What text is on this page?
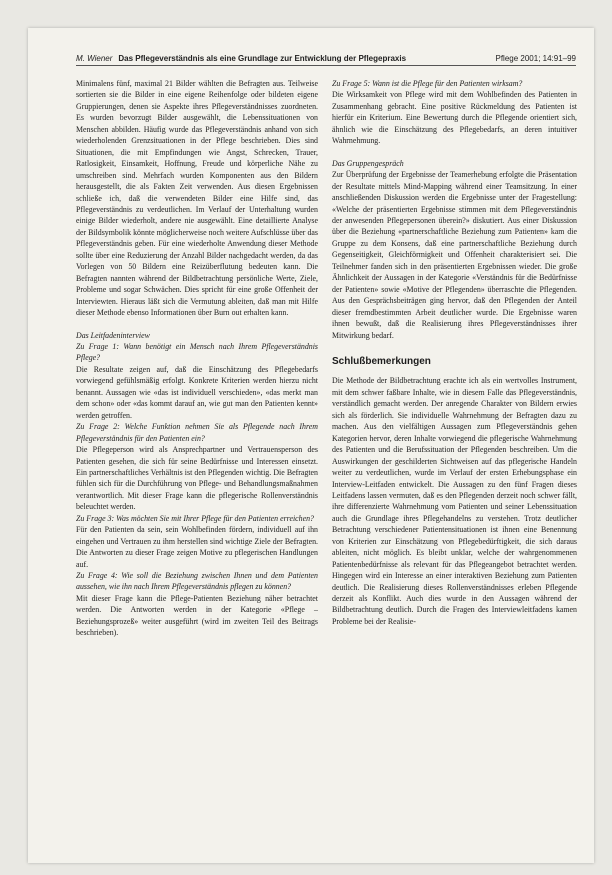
M. Wiener Das Pflegeverständnis als eine Grundlage zur Entwicklung der Pflegepraxis	Pflege 2001; 14:91–99

Minimalens fünf, maximal 21 Bilder wählten die Befragten aus. Teilweise sortierten sie die Bilder in eine eigene Reihenfolge oder bildeten eigene Gruppierungen, denen sie Aspekte ihres Pflegeverständnisses zuordneten. Es wurden bevorzugt Bilder ausgewählt, die Lebenssituationen von Menschen abbilden. Häufig wurde das Pflegeverständnis anhand von sich wiederholenden Grenzsituationen in der Pflege beschrieben. Dies sind Situationen, die mit Empfindungen wie Angst, Schrecken, Trauer, Ratlosigkeit, Einsamkeit, Hoffnung, Freude und körperliche Nähe zu umschreiben sind. Mehrfach wurden Komponenten aus den Bildern herausgestellt, die als Fakten Zeit verwenden. Aus diesen Ergebnissen schließe ich, daß die verwendeten Bilder eine Hilfe sind, das Pflegeverständnis zu verdeutlichen. Im Verlauf der Unterhaltung wurden einige Bilder wiederholt, andere nie ausgewählt. Eine detaillierte Analyse der Bildsymbolik könnte möglicherweise noch weitere Aufschlüsse über das Pflegeverständnis geben. Für eine wiederholte Anwendung dieser Methode sollte über eine Reduzierung der Anzahl Bilder nachgedacht werden, da das Vorlegen von 50 Bildern eine Reizüberflutung bedeuten kann. Die Befragten nannten während der Bildbetrachtung persönliche Werte, Ziele, Probleme und sogar Schwächen. Dies spricht für eine große Offenheit der Interviewten. Hieraus läßt sich die Vermutung ableiten, daß man mit Hilfe dieser Methode ebenso Informationen über Burn out erhalten kann.

Das Leitfadeninterview

Zu Frage 1: Wann benötigt ein Mensch nach Ihrem Pflegeverständnis Pflege?

Die Resultate zeigen auf, daß die Einschätzung des Pflegebedarfs vorwiegend gefühlsmäßig erfolgt. Konkrete Kriterien werden hierzu nicht benannt. Aussagen wie «das ist individuell verschieden», «das merkt man dem schon» oder «das kommt darauf an, wie gut man den Patienten kennt» werden getroffen.

Zu Frage 2: Welche Funktion nehmen Sie als Pflegende nach Ihrem Pflegeverständnis für den Patienten ein?

Die Pflegeperson wird als Ansprechpartner und Vertrauensperson des Patienten gesehen, die sich für seine Bedürfnisse und Interessen einsetzt. Ein partnerschaftliches Verhältnis ist den Pflegenden wichtig. Die Befragten fühlen sich für die Durchführung von Pflege- und Behandlungsmaßnahmen verantwortlich. Mit dieser Frage kann die pflegerische Rollenverständnis beleuchtet werden.

Zu Frage 3: Was möchten Sie mit Ihrer Pflege für den Patienten erreichen?

Für den Patienten da sein, sein Wohlbefinden fördern, individuell auf ihn eingehen und Vertrauen zu ihm herstellen sind wichtige Ziele der Befragten. Die Antworten zu dieser Frage zeigen Motive zu pflegerischen Handlungen auf.

Zu Frage 4: Wie soll die Beziehung zwischen Ihnen und dem Patienten aussehen, wie ihn nach Ihrem Pflegeverständnis pflegen zu können?

Mit dieser Frage kann die Pflege-Patienten Beziehung näher betrachtet werden. Die Antworten werden in der Kategorie «Pflege – Beziehungsprozeß» weiter ausgeführt (wird im zweiten Teil des Beitrags beschrieben).

Zu Frage 5: Wann ist die Pflege für den Patienten wirksam?

Die Wirksamkeit von Pflege wird mit dem Wohlbefinden des Patienten in Zusammenhang gebracht. Eine positive Rückmeldung des Patienten ist hierfür ein Kriterium. Eine Bewertung durch die Pflegende orientiert sich, ähnlich wie die Einschätzung des Pflegebedarfs, an deren intuitiver Wahrnehmung.

Das Gruppengespräch

Zur Überprüfung der Ergebnisse der Teamerhebung erfolgte die Präsentation der Resultate mittels Mind-Mapping während einer Teamsitzung. In einer anschließenden Diskussion werden die Ergebnisse unter der Fragestellung: «Welche der präsentierten Ergebnisse stimmen mit dem Pflegeverständnis der anwesenden Pflegepersonen überein?» diskutiert. Aus einer Diskussion über die Beziehung «partnerschaftliche Beziehung zum Patienten» kam die Gruppe zu dem Konsens, daß eine partnerschaftliche Beziehung durch Gegenseitigkeit, Gleichförmigkeit und Offenheit charakterisiert sei. Die Teilnehmer fanden sich in den präsentierten Ergebnissen wieder. Die große Ähnlichkeit der Aussagen in der Kategorie «Verständnis für die Bedürfnisse der Patienten» sowie «Motive der Pflegenden» überraschte die Pflegenden. Aus den Gesprächsbeiträgen ging hervor, daß den Pflegenden der Anteil dieser fremdbestimmten Arbeit deutlicher wurde. Die Ergebnisse waren ihnen bewußt, daß die Realisierung ihres Pflegeverständnisses ihrer Mitwirkung bedarf.

Schlußbemerkungen

Die Methode der Bildbetrachtung erachte ich als ein wertvolles Instrument, mit dem schwer faßbare Inhalte, wie in diesem Falle das Pflegeverständnis, verständlich gemacht werden. Der anregende Charakter von Bildern erwies sich als förderlich. Sie individuelle Wahrnehmung der Befragten dazu zu machen. Aus den vielfältigen Aussagen zum Pflegeverständnis gehen Kategorien hervor, deren Inhalte vorwiegend die pflegerische Wahrnehmung des Patienten und die Berufssituation der Pflegenden beschreiben. Um die Auswirkungen der geschilderten Sichtweisen auf das pflegerische Handeln weiter zu verdeutlichen, wurde im Verlauf der ersten Erhebungsphase ein Interview-Leitfaden entwickelt. Die Aussagen zu den fünf Fragen dieses Leitfadens lassen vermuten, daß es den Pflegenden derzeit noch schwer fällt, ihre differenzierte Wahrnehmung vom Patienten und seiner Lebenssituation auch die Grundlage ihres Pflegehandelns zu verstehen. Trotz deutlicher Betrachtung verschiedener Patientensituationen ist ihnen eine Benennung von Kriterien zur Einschätzung von Pflegebedürftigkeit, die sich daraus ableiten, nicht möglich. Es bleibt unklar, welche der wahrgenommenen Patientenbedürfnisse als relevant für das Pflegeangebot betrachtet werden. Hingegen wird ein Interesse an einer interaktiven Beziehung zum Patienten deutlich. Die Realisierung dieses Rollenverständnisses erleben Pflegende derzeit als Konflikt. Auch dies wurde in den Aussagen während der Bildbetrachtung deutlich. Durch die Fragen des Interviewleitfadens kamen Probleme bei der Realisie-
